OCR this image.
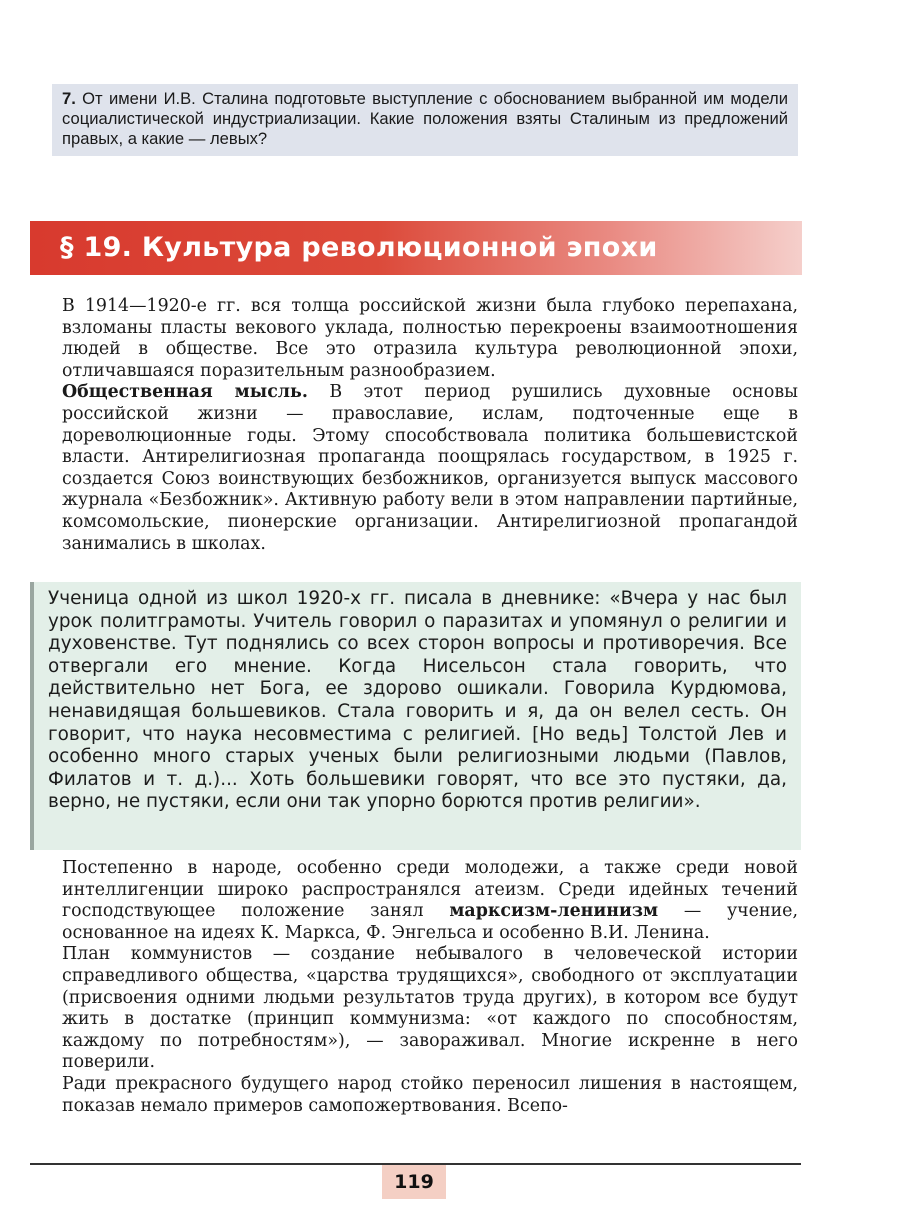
7. От имени И.В. Сталина подготовьте выступление с обоснованием выбранной им модели социалистической индустриализации. Какие положения взяты Сталиным из предложений правых, а какие — левых?
§ 19. Культура революционной эпохи

В 1914—1920-е гг. вся толща российской жизни была глубоко перепахана, взломаны пласты векового уклада, полностью перекроены взаимоотношения людей в обществе. Все это отразила культура революционной эпохи, отличавшаяся поразительным разнообразием.

Общественная мысль. В этот период рушились духовные основы российской жизни — православие, ислам, подточенные еще в дореволюционные годы. Этому способствовала политика большевистской власти. Антирелигиозная пропаганда поощрялась государством, в 1925 г. создается Союз воинствующих безбожников, организуется выпуск массового журнала «Безбожник». Активную работу вели в этом направлении партийные, комсомольские, пионерские организации. Антирелигиозной пропагандой занимались в школах.

Ученица одной из школ 1920-х гг. писала в дневнике: «Вчера у нас был урок политграмоты. Учитель говорил о паразитах и упомянул о религии и духовенстве. Тут поднялись со всех сторон вопросы и противоречия. Все отвергали его мнение. Когда Нисельсон стала говорить, что действительно нет Бога, ее здорово ошикали. Говорила Курдюмова, ненавидящая большевиков. Стала говорить и я, да он велел сесть. Он говорит, что наука несовместима с религией. [Но ведь] Толстой Лев и особенно много старых ученых были религиозными людьми (Павлов, Филатов и т. д.)... Хоть большевики говорят, что все это пустяки, да, верно, не пустяки, если они так упорно борются против религии».

Постепенно в народе, особенно среди молодежи, а также среди новой интеллигенции широко распространялся атеизм. Среди идейных течений господствующее положение занял марксизм-ленинизм — учение, основанное на идеях К. Маркса, Ф. Энгельса и особенно В.И. Ленина.

План коммунистов — создание небывалого в человеческой истории справедливого общества, «царства трудящихся», свободного от эксплуатации (присвоения одними людьми результатов труда других), в котором все будут жить в достатке (принцип коммунизма: «от каждого по способностям, каждому по потребностям»), — завораживал. Многие искренне в него поверили.

Ради прекрасного будущего народ стойко переносил лишения в настоящем, показав немало примеров самопожертвования. Всепо-

119
